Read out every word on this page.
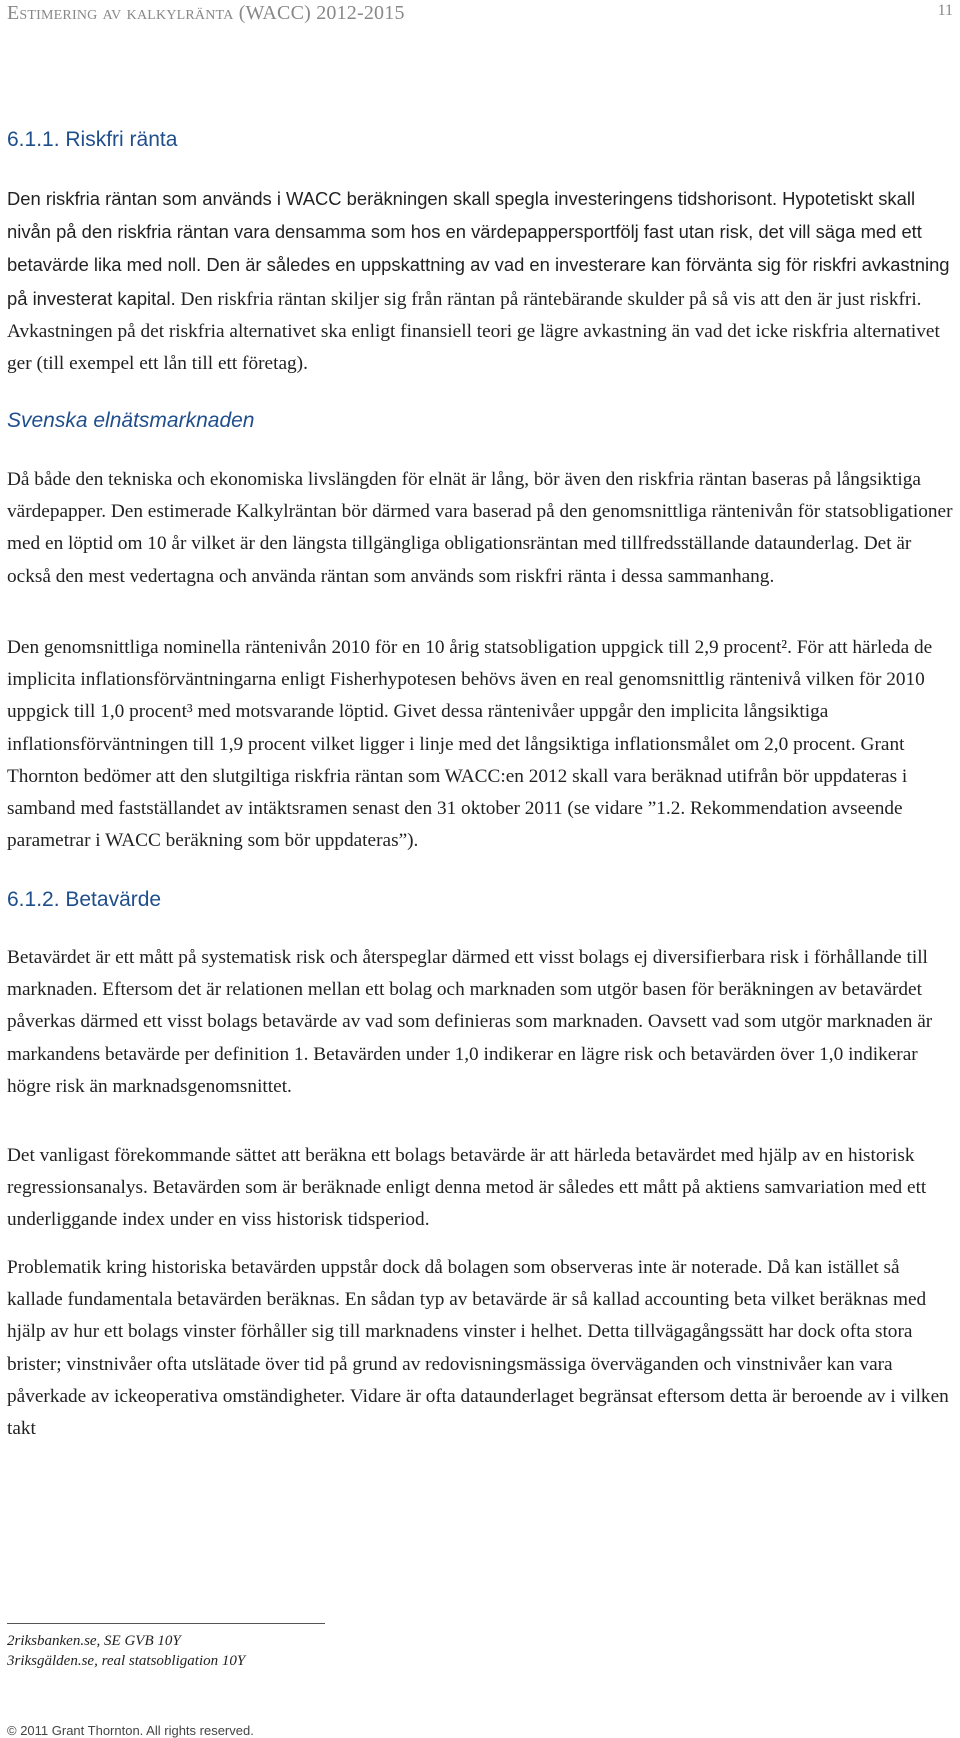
Estimering av kalkylränta (WACC) 2012-2015	11
6.1.1. Riskfri ränta

Den riskfria räntan som används i WACC beräkningen skall spegla investeringens tidshorisont. Hypotetiskt skall nivån på den riskfria räntan vara densamma som hos en värdepappersportfölj fast utan risk, det vill säga med ett betavärde lika med noll. Den är således en uppskattning av vad en investerare kan förvänta sig för riskfri avkastning på investerat kapital. Den riskfria räntan skiljer sig från räntan på räntebärande skulder på så vis att den är just riskfri. Avkastningen på det riskfria alternativet ska enligt finansiell teori ge lägre avkastning än vad det icke riskfria alternativet ger (till exempel ett lån till ett företag).

Svenska elnätsmarknaden

Då både den tekniska och ekonomiska livslängden för elnät är lång, bör även den riskfria räntan baseras på långsiktiga värdepapper. Den estimerade Kalkylräntan bör därmed vara baserad på den genomsnittliga räntenivån för statsobligationer med en löptid om 10 år vilket är den längsta tillgängliga obligationsräntan med tillfredsställande dataunderlag. Det är också den mest vedertagna och använda räntan som används som riskfri ränta i dessa sammanhang.

Den genomsnittliga nominella räntenivån 2010 för en 10 årig statsobligation uppgick till 2,9 procent². För att härleda de implicita inflationsförväntningarna enligt Fisherhypotesen behövs även en real genomsnittlig räntenivå vilken för 2010 uppgick till 1,0 procent³ med motsvarande löptid. Givet dessa räntenivåer uppgår den implicita långsiktiga inflationsförväntningen till 1,9 procent vilket ligger i linje med det långsiktiga inflationsmålet om 2,0 procent. Grant Thornton bedömer att den slutgiltiga riskfria räntan som WACC:en 2012 skall vara beräknad utifrån bör uppdateras i samband med fastställandet av intäktsramen senast den 31 oktober 2011 (se vidare ”1.2. Rekommendation avseende parametrar i WACC beräkning som bör uppdateras”).

6.1.2. Betavärde

Betavärdet är ett mått på systematisk risk och återspeglar därmed ett visst bolags ej diversifierbara risk i förhållande till marknaden. Eftersom det är relationen mellan ett bolag och marknaden som utgör basen för beräkningen av betavärdet påverkas därmed ett visst bolags betavärde av vad som definieras som marknaden. Oavsett vad som utgör marknaden är markandens betavärde per definition 1. Betavärden under 1,0 indikerar en lägre risk och betavärden över 1,0 indikerar högre risk än marknadsgenomsnittet.

Det vanligast förekommande sättet att beräkna ett bolags betavärde är att härleda betavärdet med hjälp av en historisk regressionsanalys. Betavärden som är beräknade enligt denna metod är således ett mått på aktiens samvariation med ett underliggande index under en viss historisk tidsperiod.

Problematik kring historiska betavärden uppstår dock då bolagen som observeras inte är noterade. Då kan istället så kallade fundamentala betavärden beräknas. En sådan typ av betavärde är så kallad accounting beta vilket beräknas med hjälp av hur ett bolags vinster förhåller sig till marknadens vinster i helhet. Detta tillvägagångssätt har dock ofta stora brister; vinstnivåer ofta utslätade över tid på grund av redovisningsmässiga överväganden och vinstnivåer kan vara påverkade av ickeoperativa omständigheter. Vidare är ofta dataunderlaget begränsat eftersom detta är beroende av i vilken takt

2riksbanken.se, SE GVB 10Y
3riksgälden.se, real statsobligation 10Y
© 2011 Grant Thornton. All rights reserved.
